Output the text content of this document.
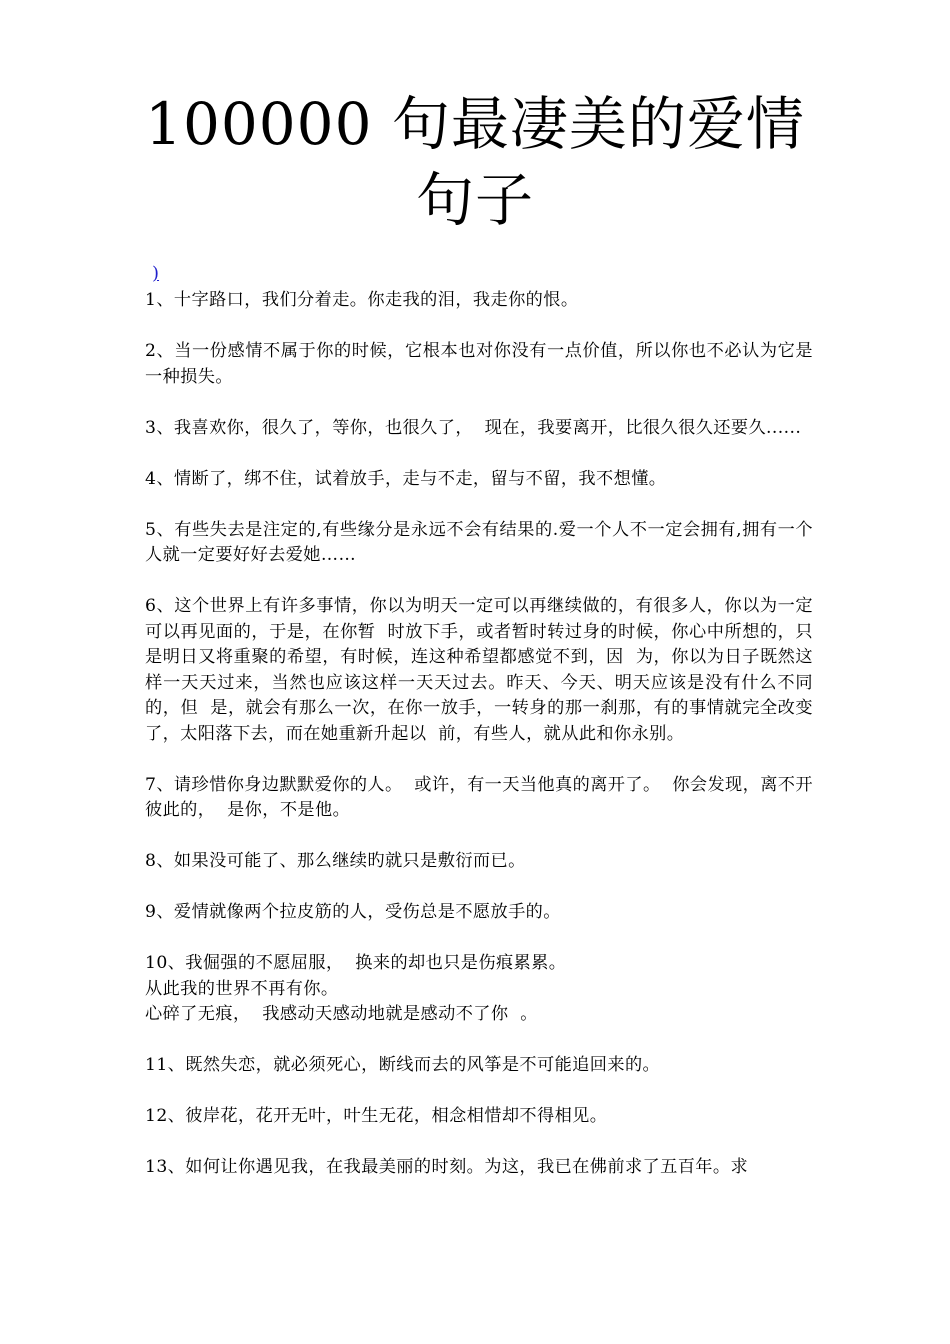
100000 句最凄美的爱情句子
)

1、十字路口，我们分着走。你走我的泪，我走你的恨。

2、当一份感情不属于你的时候，它根本也对你没有一点价值，所以你也不必认为它是一种损失。

3、我喜欢你，很久了，等你，也很久了，  现在，我要离开，比很久很久还要久......

4、情断了，绑不住，试着放手，走与不走，留与不留，我不想懂。

5、有些失去是注定的,有些缘分是永远不会有结果的.爱一个人不一定会拥有,拥有一个人就一定要好好去爱她……

6、这个世界上有许多事情，你以为明天一定可以再继续做的，有很多人，你以为一定可以再见面的，于是，在你暂  时放下手，或者暂时转过身的时候，你心中所想的，只是明日又将重聚的希望，有时候，连这种希望都感觉不到，因  为，你以为日子既然这样一天天过来，当然也应该这样一天天过去。昨天、今天、明天应该是没有什么不同的，但  是，就会有那么一次，在你一放手，一转身的那一刹那，有的事情就完全改变了，太阳落下去，而在她重新升起以  前，有些人，就从此和你永别。

7、请珍惜你身边默默爱你的人。  或许，有一天当他真的离开了。  你会发现，离不开彼此的，  是你，不是他。

8、如果没可能了、那么继续旳就只是敷衍而已。

9、爱情就像两个拉皮筋的人，受伤总是不愿放手的。

10、我倔强的不愿屈服，  换来的却也只是伤痕累累。
从此我的世界不再有你。
心碎了无痕，  我感动天感动地就是感动不了你  。

11、既然失恋，就必须死心，断线而去的风筝是不可能追回来的。

12、彼岸花，花开无叶，叶生无花，相念相惜却不得相见。

13、如何让你遇见我，在我最美丽的时刻。为这，我已在佛前求了五百年。求
